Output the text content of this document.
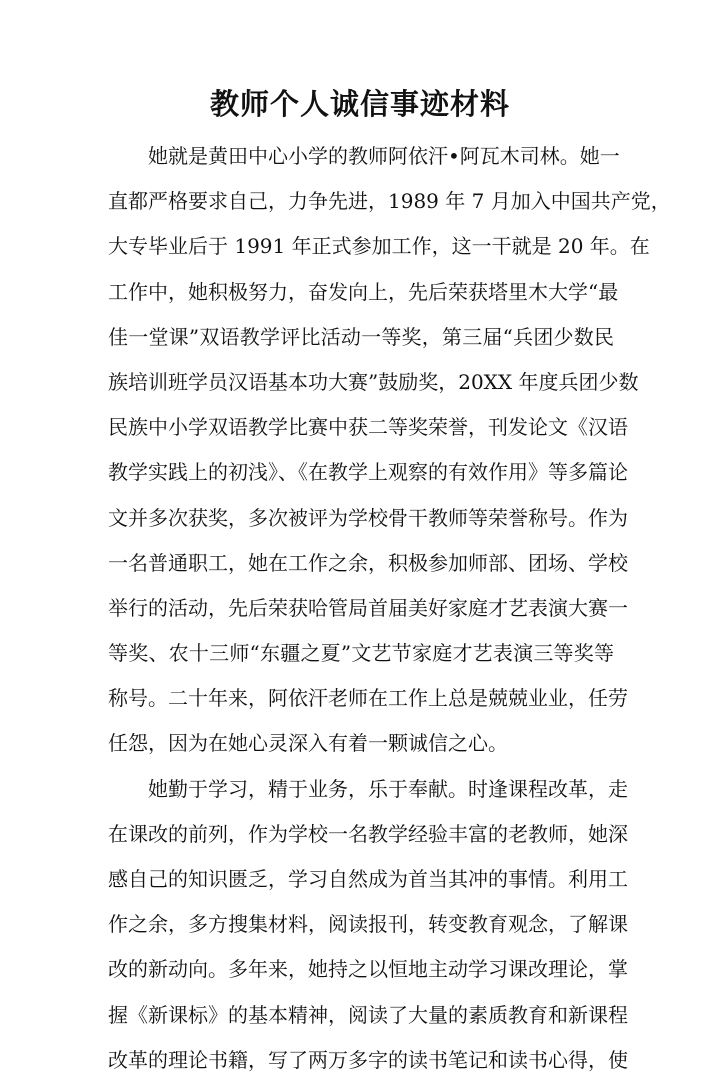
教师个人诚信事迹材料
她就是黄田中心小学的教师阿依汗•阿瓦木司林。她一
直都严格要求自己，力争先进，1989 年 7 月加入中国共产党，
大专毕业后于 1991 年正式参加工作，这一干就是 20 年。在
工作中，她积极努力，奋发向上，先后荣获塔里木大学“最
佳一堂课”双语教学评比活动一等奖，第三届“兵团少数民
族培训班学员汉语基本功大赛”鼓励奖，20XX 年度兵团少数
民族中小学双语教学比赛中获二等奖荣誉，刊发论文《汉语
教学实践上的初浅》、《在教学上观察的有效作用》等多篇论
文并多次获奖，多次被评为学校骨干教师等荣誉称号。作为
一名普通职工，她在工作之余，积极参加师部、团场、学校
举行的活动，先后荣获哈管局首届美好家庭才艺表演大赛一
等奖、农十三师“东疆之夏”文艺节家庭才艺表演三等奖等
称号。二十年来，阿依汗老师在工作上总是兢兢业业，任劳
任怨，因为在她心灵深入有着一颗诚信之心。
她勤于学习，精于业务，乐于奉献。时逢课程改革，走
在课改的前列，作为学校一名教学经验丰富的老教师，她深
感自己的知识匮乏，学习自然成为首当其冲的事情。利用工
作之余，多方搜集材料，阅读报刊，转变教育观念，了解课
改的新动向。多年来，她持之以恒地主动学习课改理论，掌
握《新课标》的基本精神，阅读了大量的素质教育和新课程
改革的理论书籍，写了两万多字的读书笔记和读书心得，使
